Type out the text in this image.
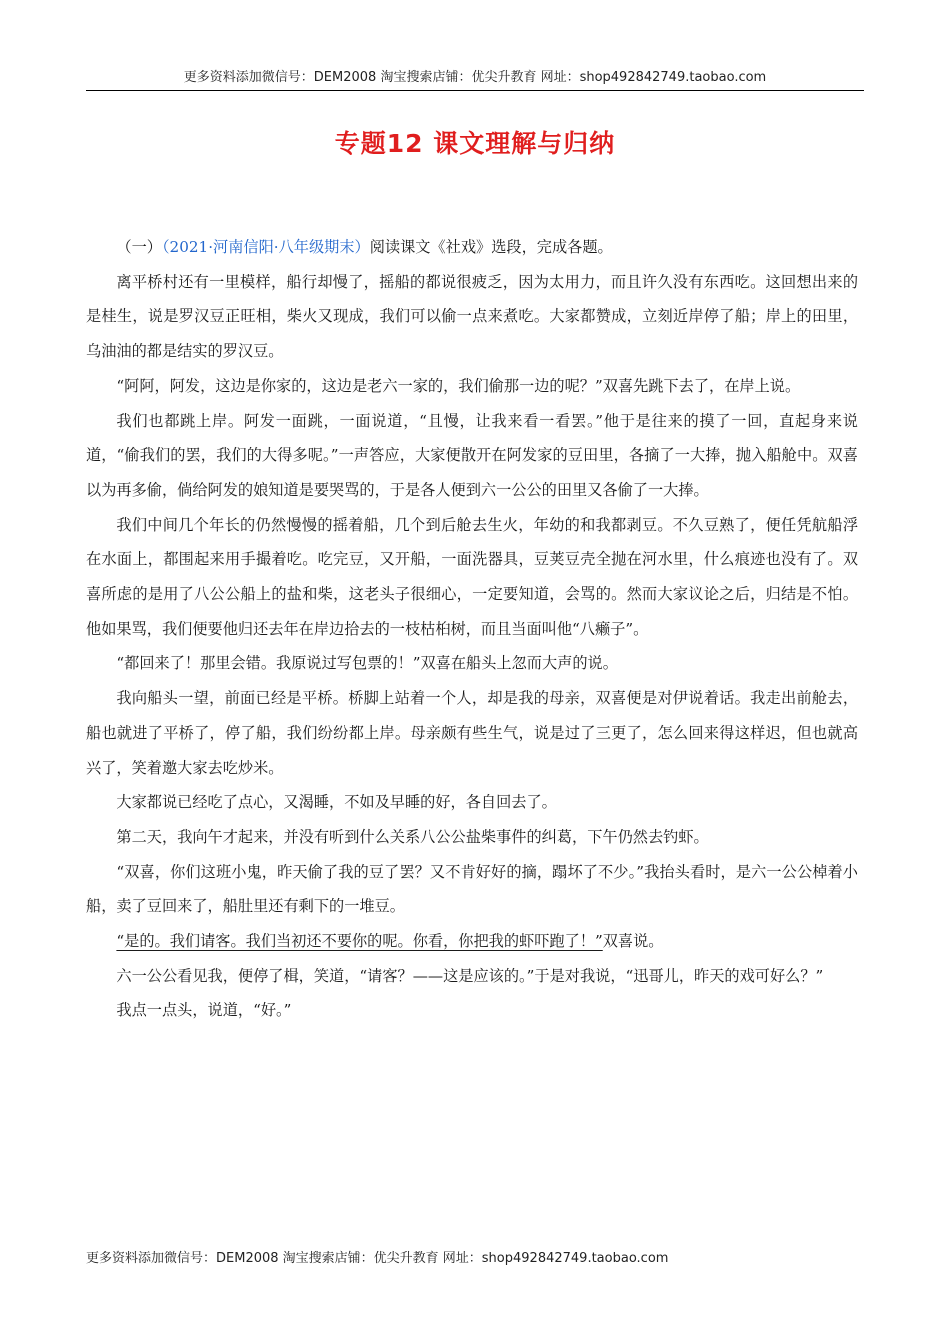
更多资料添加微信号：DEM2008 淘宝搜索店铺：优尖升教育 网址：shop492842749.taobao.com
专题12 课文理解与归纳

（一）（2021·河南信阳·八年级期末）阅读课文《社戏》选段，完成各题。

离平桥村还有一里模样，船行却慢了，摇船的都说很疲乏，因为太用力，而且许久没有东西吃。这回想出来的是桂生，说是罗汉豆正旺相，柴火又现成，我们可以偷一点来煮吃。大家都赞成，立刻近岸停了船；岸上的田里，乌油油的都是结实的罗汉豆。

“阿阿，阿发，这边是你家的，这边是老六一家的，我们偷那一边的呢？”双喜先跳下去了，在岸上说。

我们也都跳上岸。阿发一面跳，一面说道，“且慢，让我来看一看罢。”他于是往来的摸了一回，直起身来说道，“偷我们的罢，我们的大得多呢。”一声答应，大家便散开在阿发家的豆田里，各摘了一大捧，抛入船舱中。双喜以为再多偷，倘给阿发的娘知道是要哭骂的，于是各人便到六一公公的田里又各偷了一大捧。

我们中间几个年长的仍然慢慢的摇着船，几个到后舱去生火，年幼的和我都剥豆。不久豆熟了，便任凭航船浮在水面上，都围起来用手撮着吃。吃完豆，又开船，一面洗器具，豆荚豆壳全抛在河水里，什么痕迹也没有了。双喜所虑的是用了八公公船上的盐和柴，这老头子很细心，一定要知道，会骂的。然而大家议论之后，归结是不怕。他如果骂，我们便要他归还去年在岸边拾去的一枝枯桕树，而且当面叫他“八癞子”。

“都回来了！那里会错。我原说过写包票的！”双喜在船头上忽而大声的说。

我向船头一望，前面已经是平桥。桥脚上站着一个人，却是我的母亲，双喜便是对伊说着话。我走出前舱去，船也就进了平桥了，停了船，我们纷纷都上岸。母亲颇有些生气，说是过了三更了，怎么回来得这样迟，但也就高兴了，笑着邀大家去吃炒米。

大家都说已经吃了点心，又渴睡，不如及早睡的好，各自回去了。

第二天，我向午才起来，并没有听到什么关系八公公盐柴事件的纠葛，下午仍然去钓虾。

“双喜，你们这班小鬼，昨天偷了我的豆了罢？又不肯好好的摘，蹋坏了不少。”我抬头看时，是六一公公棹着小船，卖了豆回来了，船肚里还有剩下的一堆豆。

“是的。我们请客。我们当初还不要你的呢。你看，你把我的虾吓跑了！”双喜说。

六一公公看见我，便停了楫，笑道，“请客？——这是应该的。”于是对我说，“迅哥儿，昨天的戏可好么？”

我点一点头，说道，“好。”

更多资料添加微信号：DEM2008 淘宝搜索店铺：优尖升教育 网址：shop492842749.taobao.com
